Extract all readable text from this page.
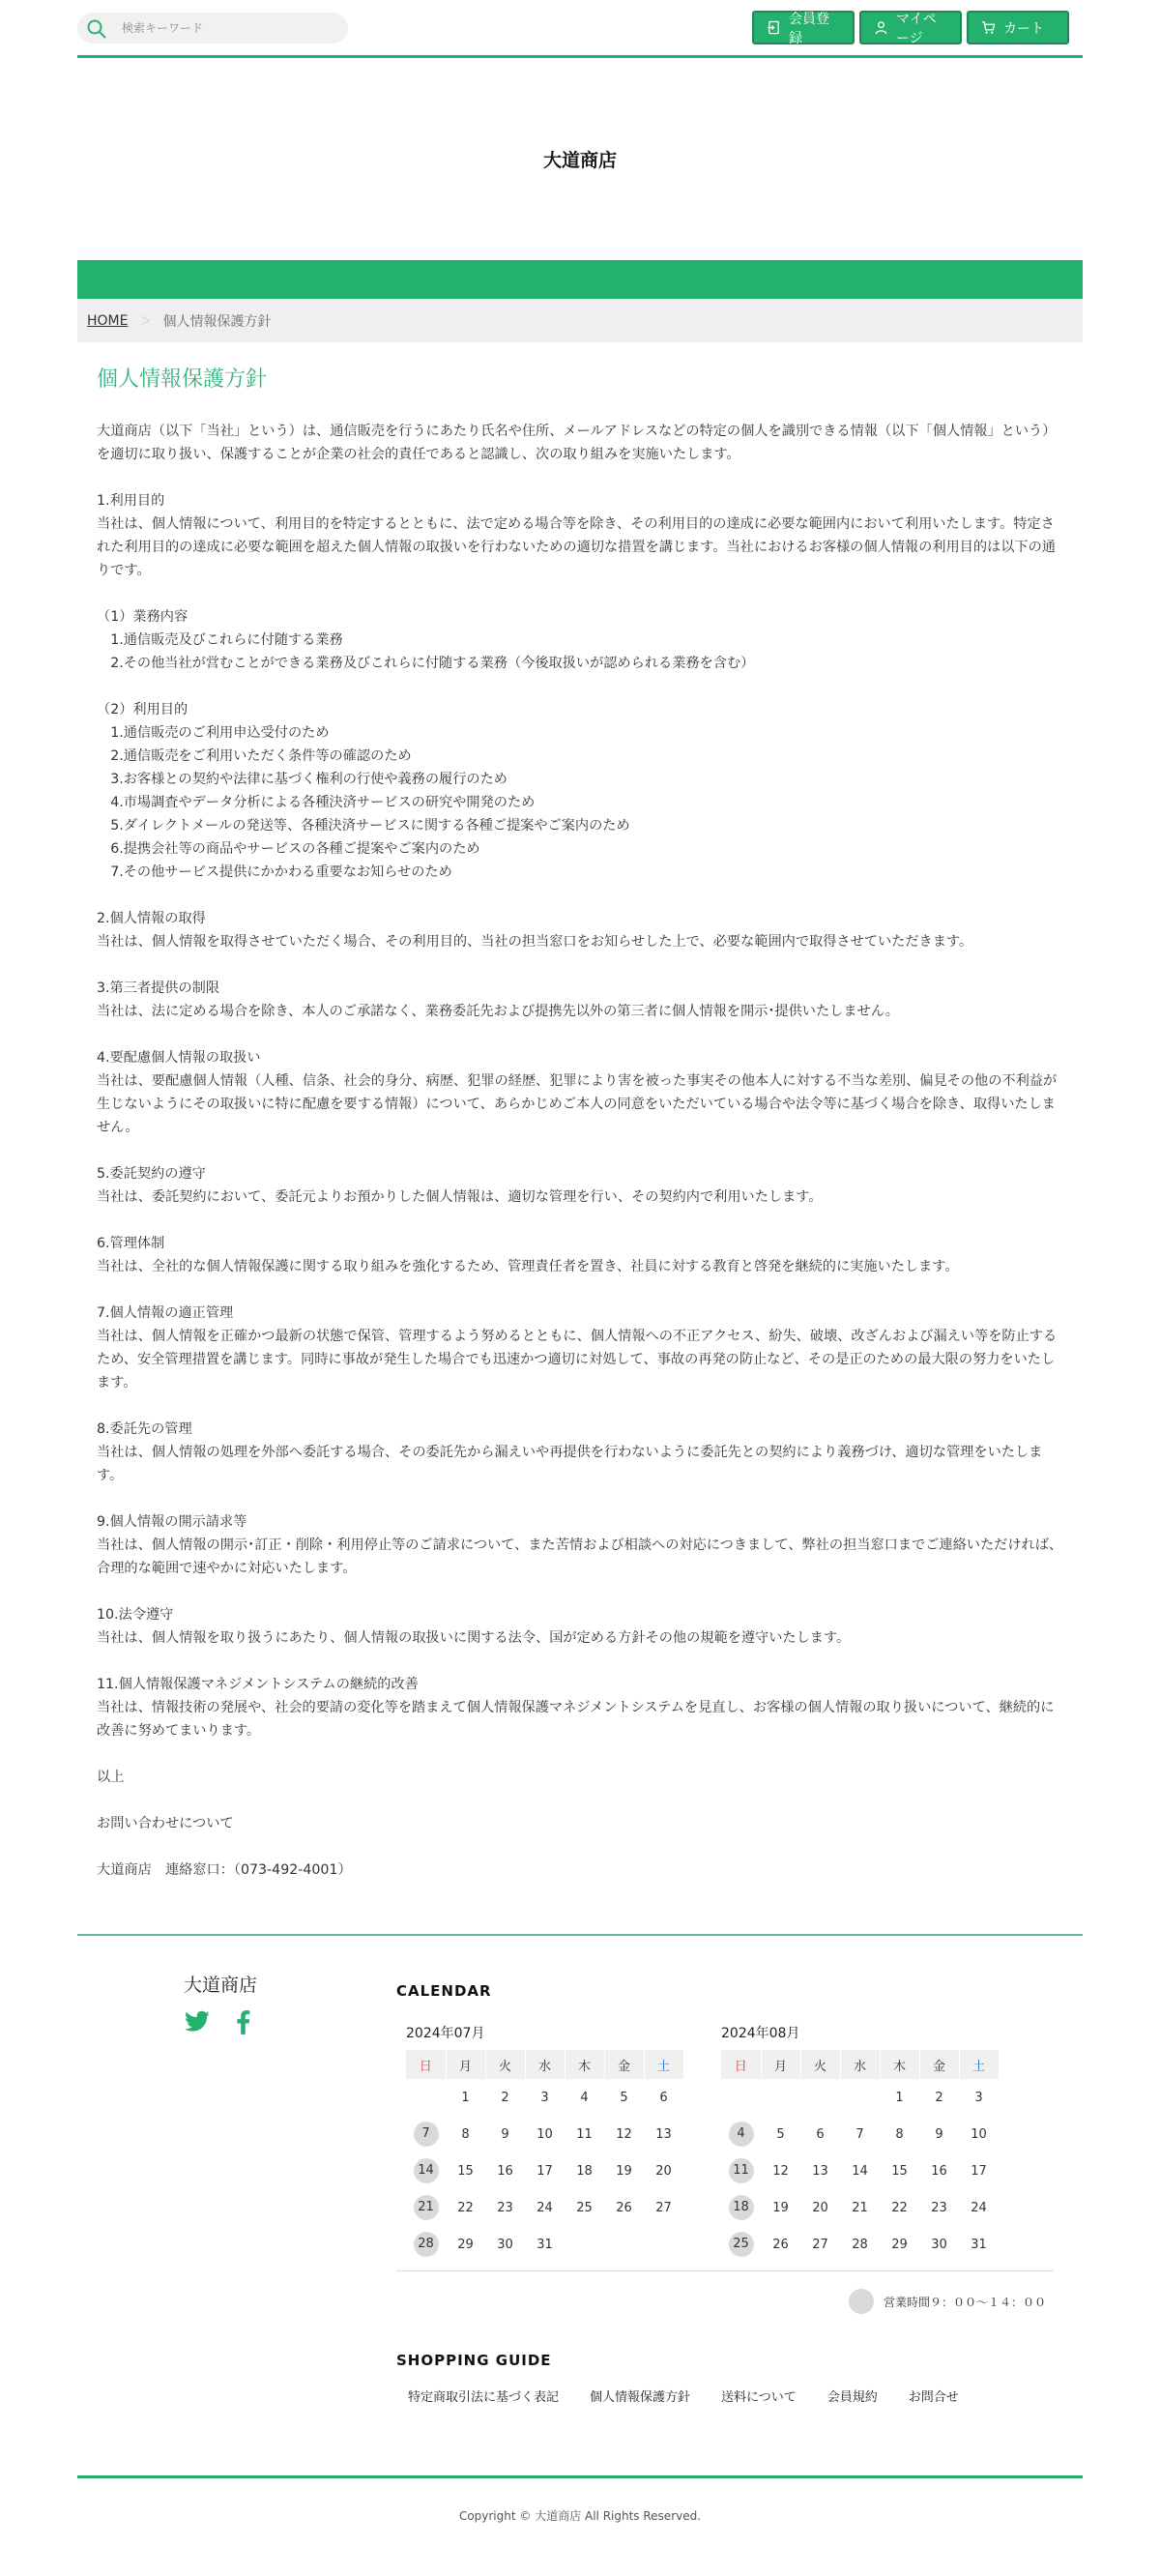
検索キーワード
会員登録
マイページ
カート
大道商店
HOME ＞ 個人情報保護方針
個人情報保護方針
大道商店（以下「当社」という）は、通信販売を行うにあたり氏名や住所、メールアドレスなどの特定の個人を識別できる情報（以下「個人情報」という）を適切に取り扱い、保護することが企業の社会的責任であると認識し、次の取り組みを実施いたします。
1.利用目的
当社は、個人情報について、利用目的を特定するとともに、法で定める場合等を除き、その利用目的の達成に必要な範囲内において利用いたします。特定された利用目的の達成に必要な範囲を超えた個人情報の取扱いを行わないための適切な措置を講じます。当社におけるお客様の個人情報の利用目的は以下の通りです。
（1）業務内容
　1.通信販売及びこれらに付随する業務
　2.その他当社が営むことができる業務及びこれらに付随する業務（今後取扱いが認められる業務を含む）
（2）利用目的
　1.通信販売のご利用申込受付のため
　2.通信販売をご利用いただく条件等の確認のため
　3.お客様との契約や法律に基づく権利の行使や義務の履行のため
　4.市場調査やデータ分析による各種決済サービスの研究や開発のため
　5.ダイレクトメールの発送等、各種決済サービスに関する各種ご提案やご案内のため
　6.提携会社等の商品やサービスの各種ご提案やご案内のため
　7.その他サービス提供にかかわる重要なお知らせのため
2.個人情報の取得
当社は、個人情報を取得させていただく場合、その利用目的、当社の担当窓口をお知らせした上で、必要な範囲内で取得させていただきます。
3.第三者提供の制限
当社は、法に定める場合を除き、本人のご承諾なく、業務委託先および提携先以外の第三者に個人情報を開示･提供いたしません。
4.要配慮個人情報の取扱い
当社は、要配慮個人情報（人種、信条、社会的身分、病歴、犯罪の経歴、犯罪により害を被った事実その他本人に対する不当な差別、偏見その他の不利益が生じないようにその取扱いに特に配慮を要する情報）について、あらかじめご本人の同意をいただいている場合や法令等に基づく場合を除き、取得いたしません。
5.委託契約の遵守
当社は、委託契約において、委託元よりお預かりした個人情報は、適切な管理を行い、その契約内で利用いたします。
6.管理体制
当社は、全社的な個人情報保護に関する取り組みを強化するため、管理責任者を置き、社員に対する教育と啓発を継続的に実施いたします。
7.個人情報の適正管理
当社は、個人情報を正確かつ最新の状態で保管、管理するよう努めるとともに、個人情報への不正アクセス、紛失、破壊、改ざんおよび漏えい等を防止するため、安全管理措置を講じます。同時に事故が発生した場合でも迅速かつ適切に対処して、事故の再発の防止など、その是正のための最大限の努力をいたします。
8.委託先の管理
当社は、個人情報の処理を外部へ委託する場合、その委託先から漏えいや再提供を行わないように委託先との契約により義務づけ、適切な管理をいたします。
9.個人情報の開示請求等
当社は、個人情報の開示･訂正・削除・利用停止等のご請求について、また苦情および相談への対応につきまして、弊社の担当窓口までご連絡いただければ、合理的な範囲で速やかに対応いたします。
10.法令遵守
当社は、個人情報を取り扱うにあたり、個人情報の取扱いに関する法令、国が定める方針その他の規範を遵守いたします。
11.個人情報保護マネジメントシステムの継続的改善
当社は、情報技術の発展や、社会的要請の変化等を踏まえて個人情報保護マネジメントシステムを見直し、お客様の個人情報の取り扱いについて、継続的に改善に努めてまいります。
以上
お問い合わせについて
大道商店　連絡窓口：（073-492-4001）
大道商店	CALENDAR
2024年07月
日	月	火	水	木	金	土
	1	2	3	4	5	6
7	8	9	10	11	12	13
14	15	16	17	18	19	20
21	22	23	24	25	26	27
28	29	30	31			
2024年08月
日	月	火	水	木	金	土
				1	2	3
4	5	6	7	8	9	10
11	12	13	14	15	16	17
18	19	20	21	22	23	24
25	26	27	28	29	30	31
営業時間９：００〜１４：００
SHOPPING GUIDE
特定商取引法に基づく表記 個人情報保護方針 送料について 会員規約 お問合せ
Copyright © 大道商店 All Rights Reserved.
